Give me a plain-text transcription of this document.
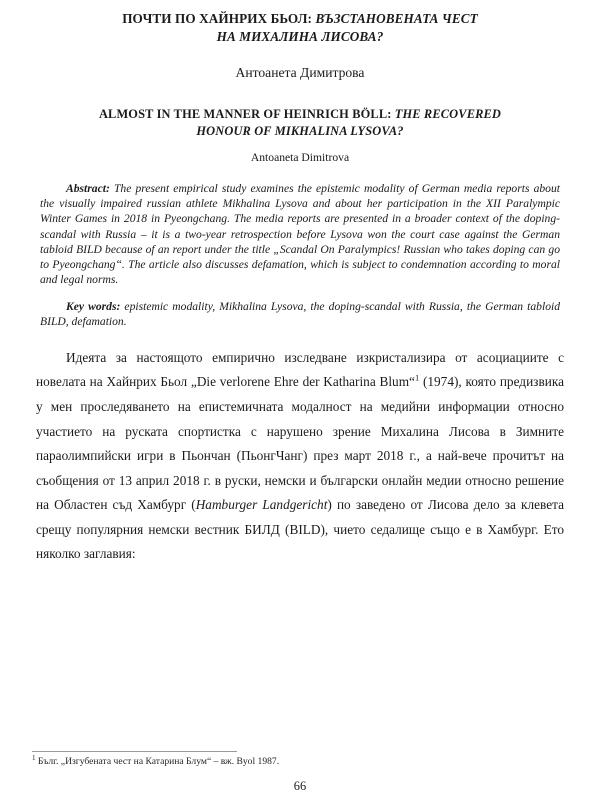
ПОЧТИ ПО ХАЙНРИХ БЬОЛ: ВЪЗСТАНОВЕНАТА ЧЕСТ
НА МИХАЛИНА ЛИСОВА?
Антоанета Димитрова
ALMOST IN THE MANNER OF HEINRICH BÖLL: THE RECOVERED
HONOUR OF MIKHALINA LYSOVA?
Antoaneta Dimitrova

Abstract: The present empirical study examines the epistemic modality of German media reports about the visually impaired russian athlete Mikhalina Lysova and about her participation in the XII Paralympic Winter Games in 2018 in Pyeongchang. The media reports are presented in a broader context of the doping-scandal with Russia – it is a two-year retrospection before Lysova won the court case against the German tabloid BILD because of an report under the title „Scandal On Paralympics! Russian who takes doping can go to Pyeongchang“. The article also discusses defamation, which is subject to condemnation according to moral and legal norms.

Key words: epistemic modality, Mikhalina Lysova, the doping-scandal with Russia, the German tabloid BILD, defamation.

Идеята за настоящото емпирично изследване изкристализира от асоциациите с новелата на Хайнрих Бьол „Die verlorene Ehre der Katharina Blum“$^1$ (1974), която предизвика у мен проследяването на епистемичната модалност на медийни информации относно участието на руската спортистка с нарушено зрение Михалина Лисова в Зимните параолимпийски игри в Пьончан (ПьонгЧанг) през март 2018 г., а най-вече прочитът на съобщения от 13 април 2018 г. в руски, немски и български онлайн медии относно решение на Областен съд Хамбург (Hamburger Landgericht) по заведено от Лисова дело за клевета срещу популярния немски вестник БИЛД (BILD), чието седалище също е в Хамбург. Ето няколко заглавия:

$^1$ Бълг. „Изгубената чест на Катарина Блум“ – вж. Byol 1987.
66
